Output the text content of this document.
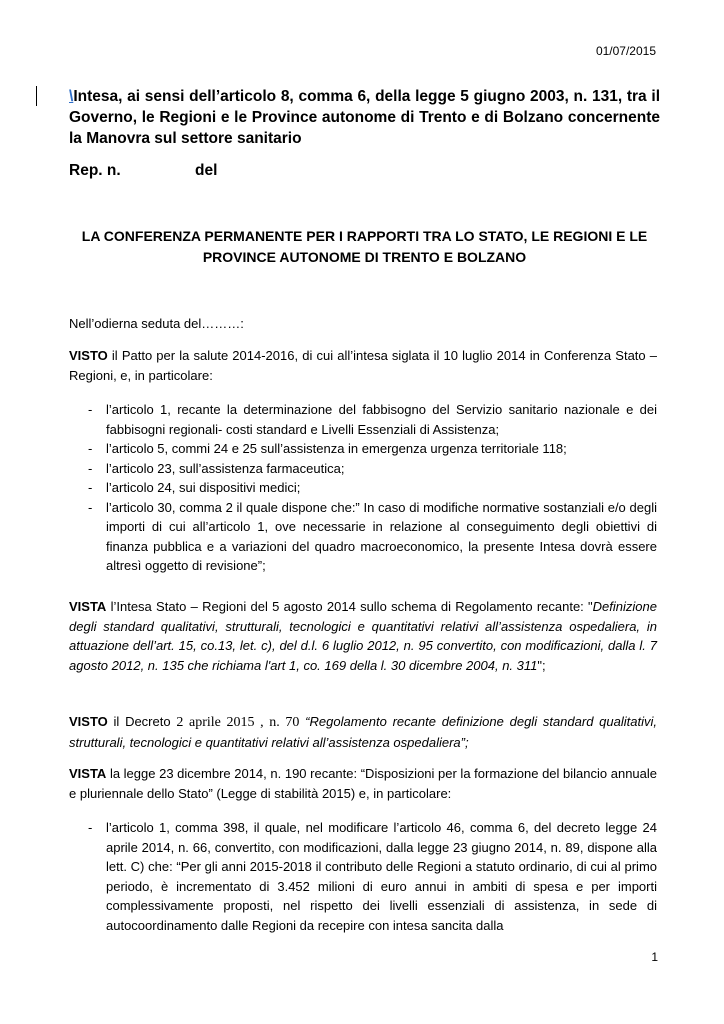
01/07/2015
\Intesa, ai sensi dell’articolo 8, comma 6, della legge 5 giugno 2003, n. 131, tra il Governo, le Regioni e le Province autonome di Trento e di Bolzano concernente la Manovra sul settore sanitario
Rep. n.	del
LA CONFERENZA PERMANENTE PER I RAPPORTI TRA LO STATO, LE REGIONI E LE PROVINCE AUTONOME DI TRENTO E BOLZANO
Nell’odierna seduta del………:
VISTO il Patto per la salute 2014-2016, di cui all’intesa siglata il 10 luglio 2014 in Conferenza Stato – Regioni, e, in particolare:
- l’articolo 1, recante la determinazione del fabbisogno del Servizio sanitario nazionale e dei fabbisogni regionali- costi standard e Livelli Essenziali di Assistenza;
- l’articolo 5, commi 24 e 25 sull’assistenza in emergenza urgenza territoriale 118;
- l’articolo 23, sull’assistenza farmaceutica;
- l’articolo 24, sui dispositivi medici;
- l’articolo 30, comma 2 il quale dispone che:” In caso di modifiche normative sostanziali e/o degli importi di cui all’articolo 1, ove necessarie in relazione al conseguimento degli obiettivi di finanza pubblica e a variazioni del quadro macroeconomico, la presente Intesa dovrà essere altresì oggetto di revisione”;
VISTA l’Intesa Stato – Regioni del 5 agosto 2014 sullo schema di Regolamento recante: "Definizione degli standard qualitativi, strutturali, tecnologici e quantitativi relativi all’assistenza ospedaliera, in attuazione dell’art. 15, co.13, let. c), del d.l. 6 luglio 2012, n. 95 convertito, con modificazioni, dalla l. 7 agosto 2012, n. 135 che richiama l'art 1, co. 169 della l. 30 dicembre 2004, n. 311";
VISTO il Decreto 2 aprile 2015 , n. 70 “Regolamento recante definizione degli standard qualitativi, strutturali, tecnologici e quantitativi relativi all’assistenza ospedaliera”;
VISTA la legge 23 dicembre 2014, n. 190 recante: “Disposizioni per la formazione del bilancio annuale e pluriennale dello Stato” (Legge di stabilità 2015) e, in particolare:
- l’articolo 1, comma 398, il quale, nel modificare l’articolo 46, comma 6, del decreto legge 24 aprile 2014, n. 66, convertito, con modificazioni, dalla legge 23 giugno 2014, n. 89, dispone alla lett. C) che: “Per gli anni 2015-2018 il contributo delle Regioni a statuto ordinario, di cui al primo periodo, è incrementato di 3.452 milioni di euro annui in ambiti di spesa e per importi complessivamente proposti, nel rispetto dei livelli essenziali di assistenza, in sede di autocoordinamento dalle Regioni da recepire con intesa sancita dalla
1
